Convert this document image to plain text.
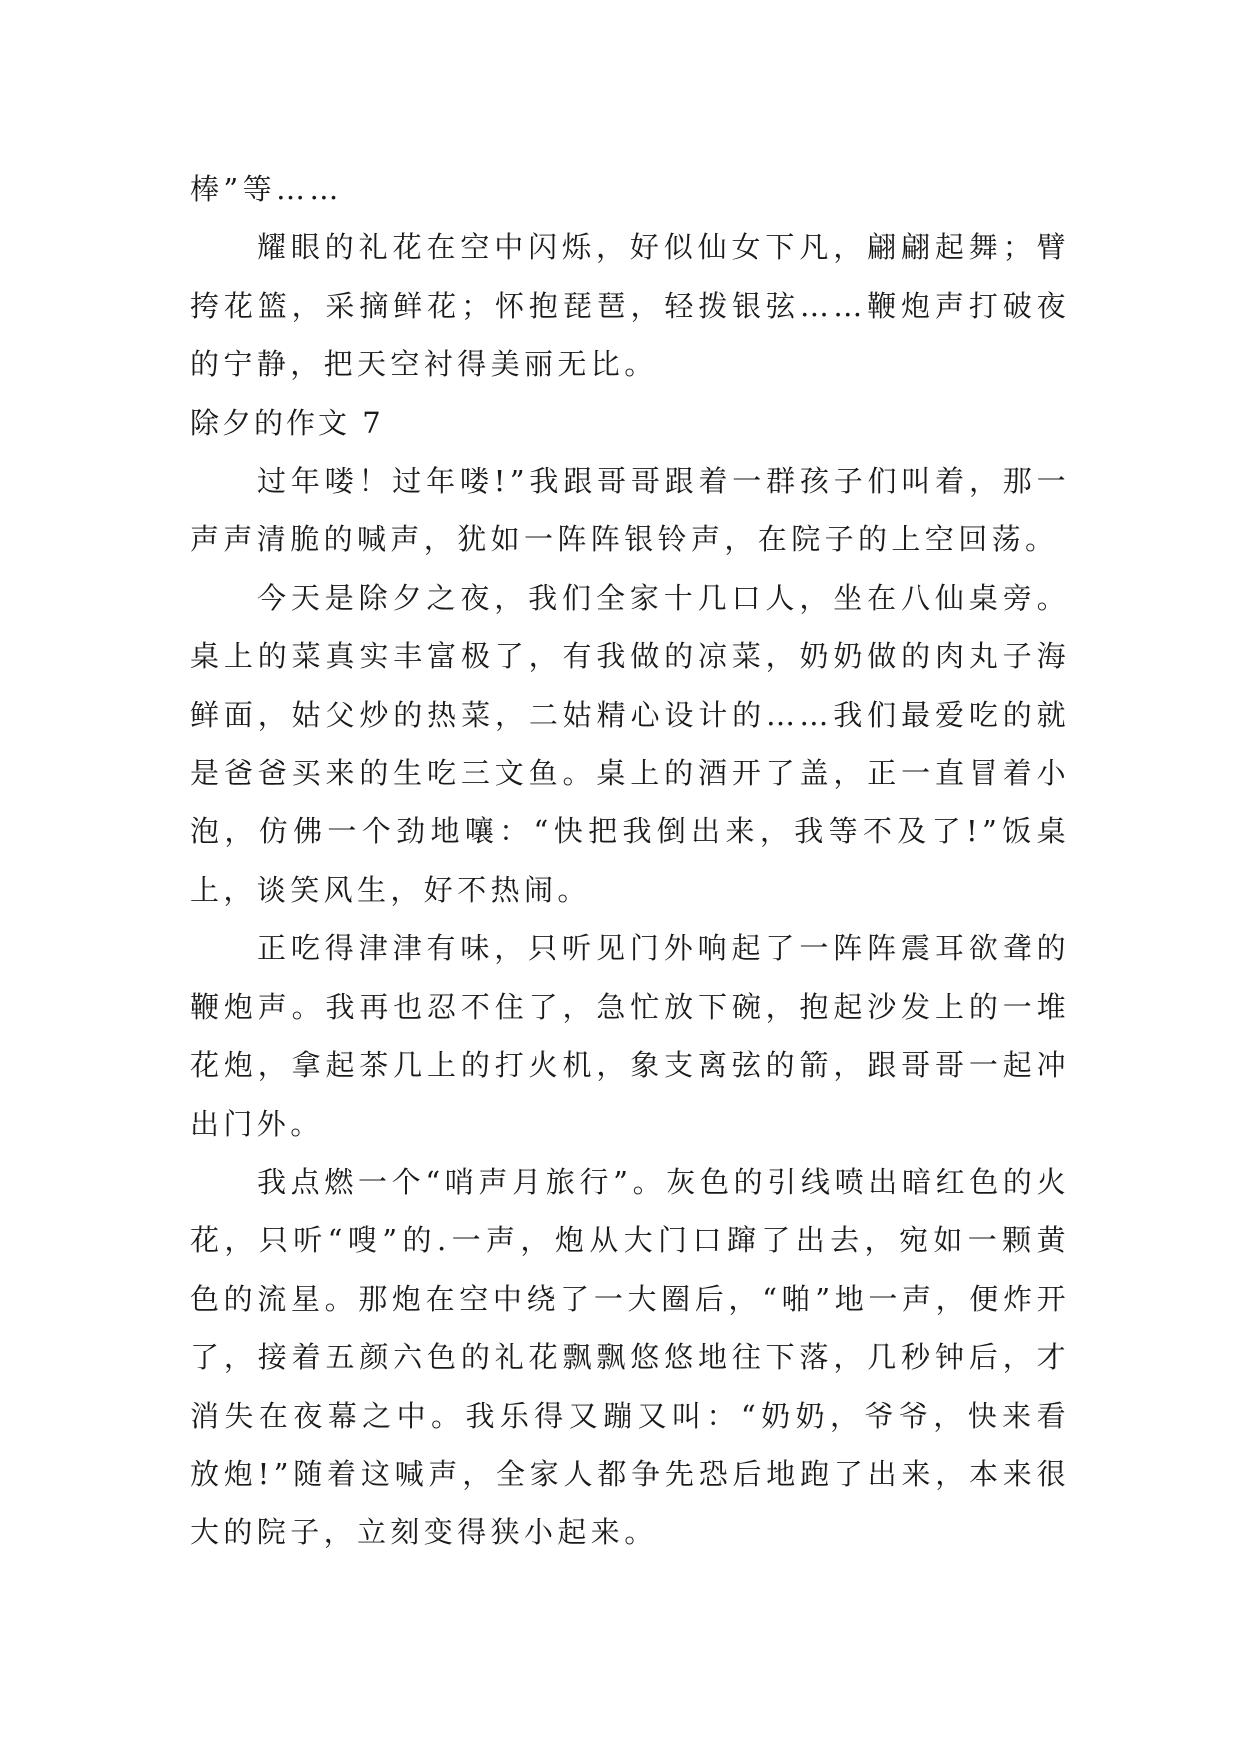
棒”等……

耀眼的礼花在空中闪烁，好似仙女下凡，翩翩起舞；臂挎花篮，采摘鲜花；怀抱琵琶，轻拨银弦……鞭炮声打破夜的宁静，把天空衬得美丽无比。

除夕的作文 7

过年喽！过年喽!”我跟哥哥跟着一群孩子们叫着，那一声声清脆的喊声，犹如一阵阵银铃声，在院子的上空回荡。

今天是除夕之夜，我们全家十几口人，坐在八仙桌旁。桌上的菜真实丰富极了，有我做的凉菜，奶奶做的肉丸子海鲜面，姑父炒的热菜，二姑精心设计的……我们最爱吃的就是爸爸买来的生吃三文鱼。桌上的酒开了盖，正一直冒着小泡，仿佛一个劲地嚷：“快把我倒出来，我等不及了!”饭桌上，谈笑风生，好不热闹。

正吃得津津有味，只听见门外响起了一阵阵震耳欲聋的鞭炮声。我再也忍不住了，急忙放下碗，抱起沙发上的一堆花炮，拿起茶几上的打火机，象支离弦的箭，跟哥哥一起冲出门外。

我点燃一个“哨声月旅行”。灰色的引线喷出暗红色的火花，只听“嗖”的.一声，炮从大门口蹿了出去，宛如一颗黄色的流星。那炮在空中绕了一大圈后，“啪”地一声，便炸开了，接着五颜六色的礼花飘飘悠悠地往下落，几秒钟后，才消失在夜幕之中。我乐得又蹦又叫：“奶奶，爷爷，快来看放炮!”随着这喊声，全家人都争先恐后地跑了出来，本来很大的院子，立刻变得狭小起来。
